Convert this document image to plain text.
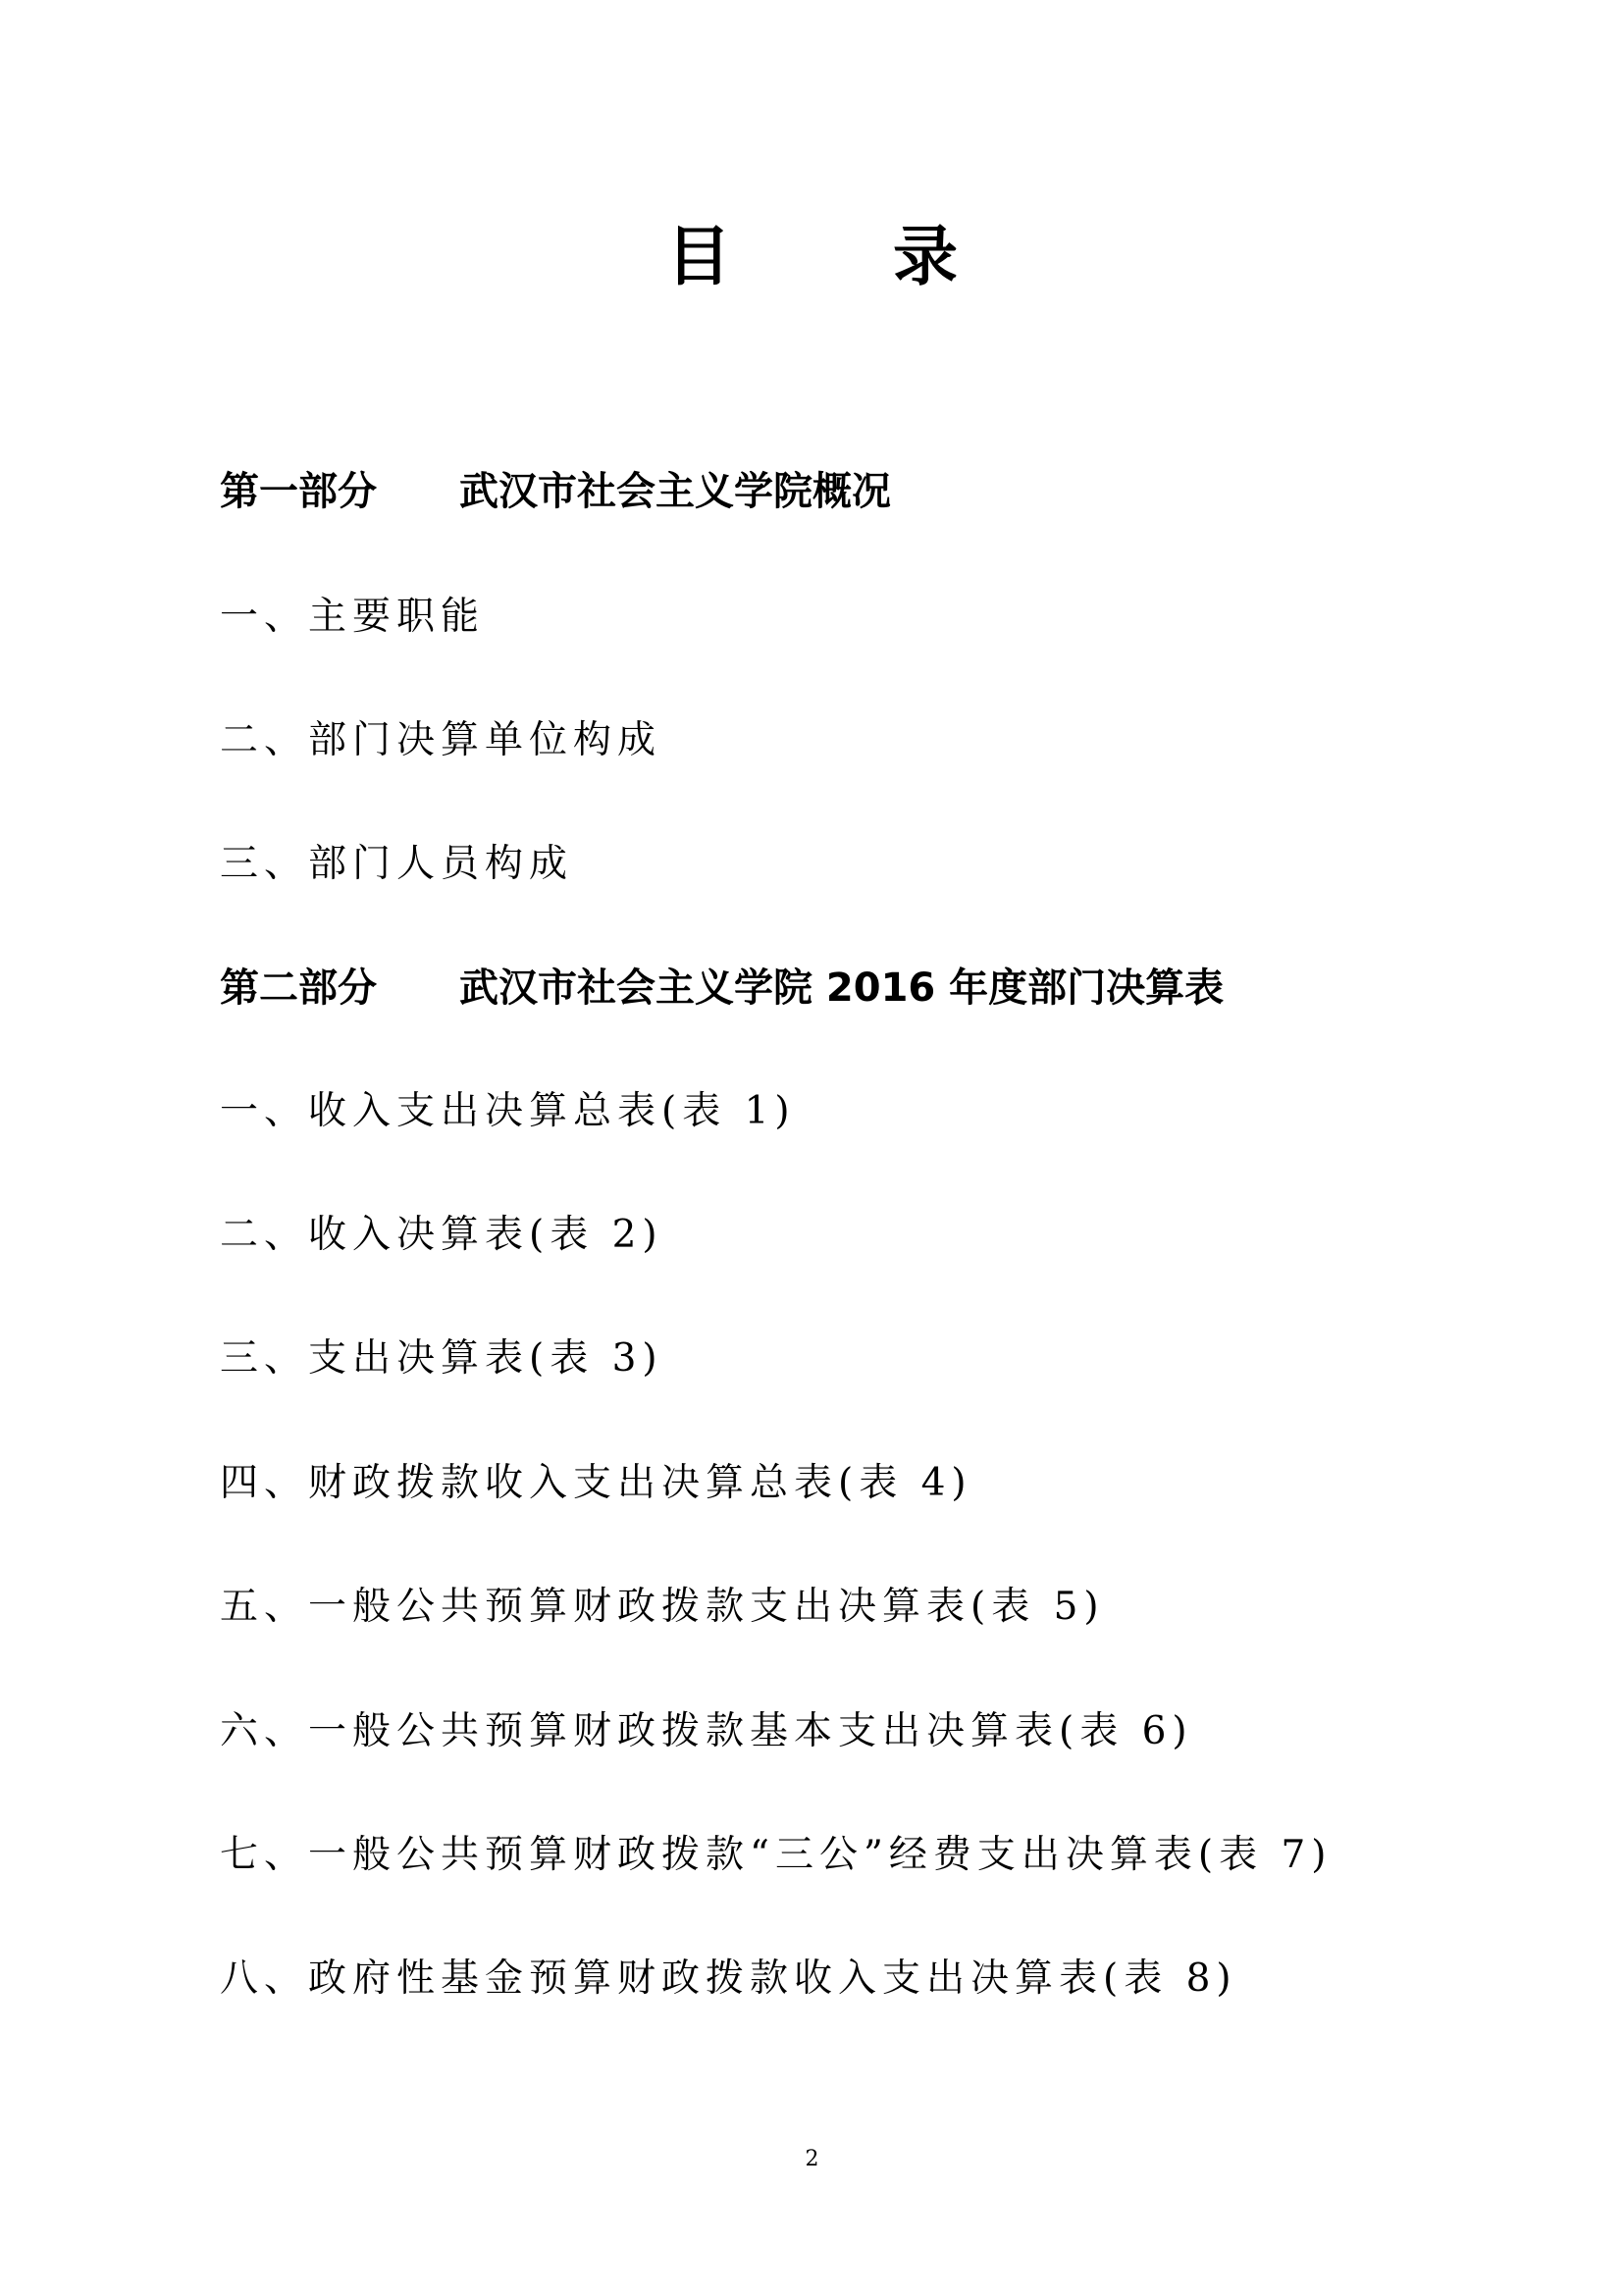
目	录
第一部分 武汉市社会主义学院概况
一、主要职能
二、部门决算单位构成
三、部门人员构成
第二部分 武汉市社会主义学院 2016 年度部门决算表
一、收入支出决算总表(表 1)
二、收入决算表(表 2)
三、支出决算表(表 3)
四、财政拨款收入支出决算总表(表 4)
五、一般公共预算财政拨款支出决算表(表 5)
六、一般公共预算财政拨款基本支出决算表(表 6)
七、一般公共预算财政拨款“三公”经费支出决算表(表 7)
八、政府性基金预算财政拨款收入支出决算表(表 8)
2
